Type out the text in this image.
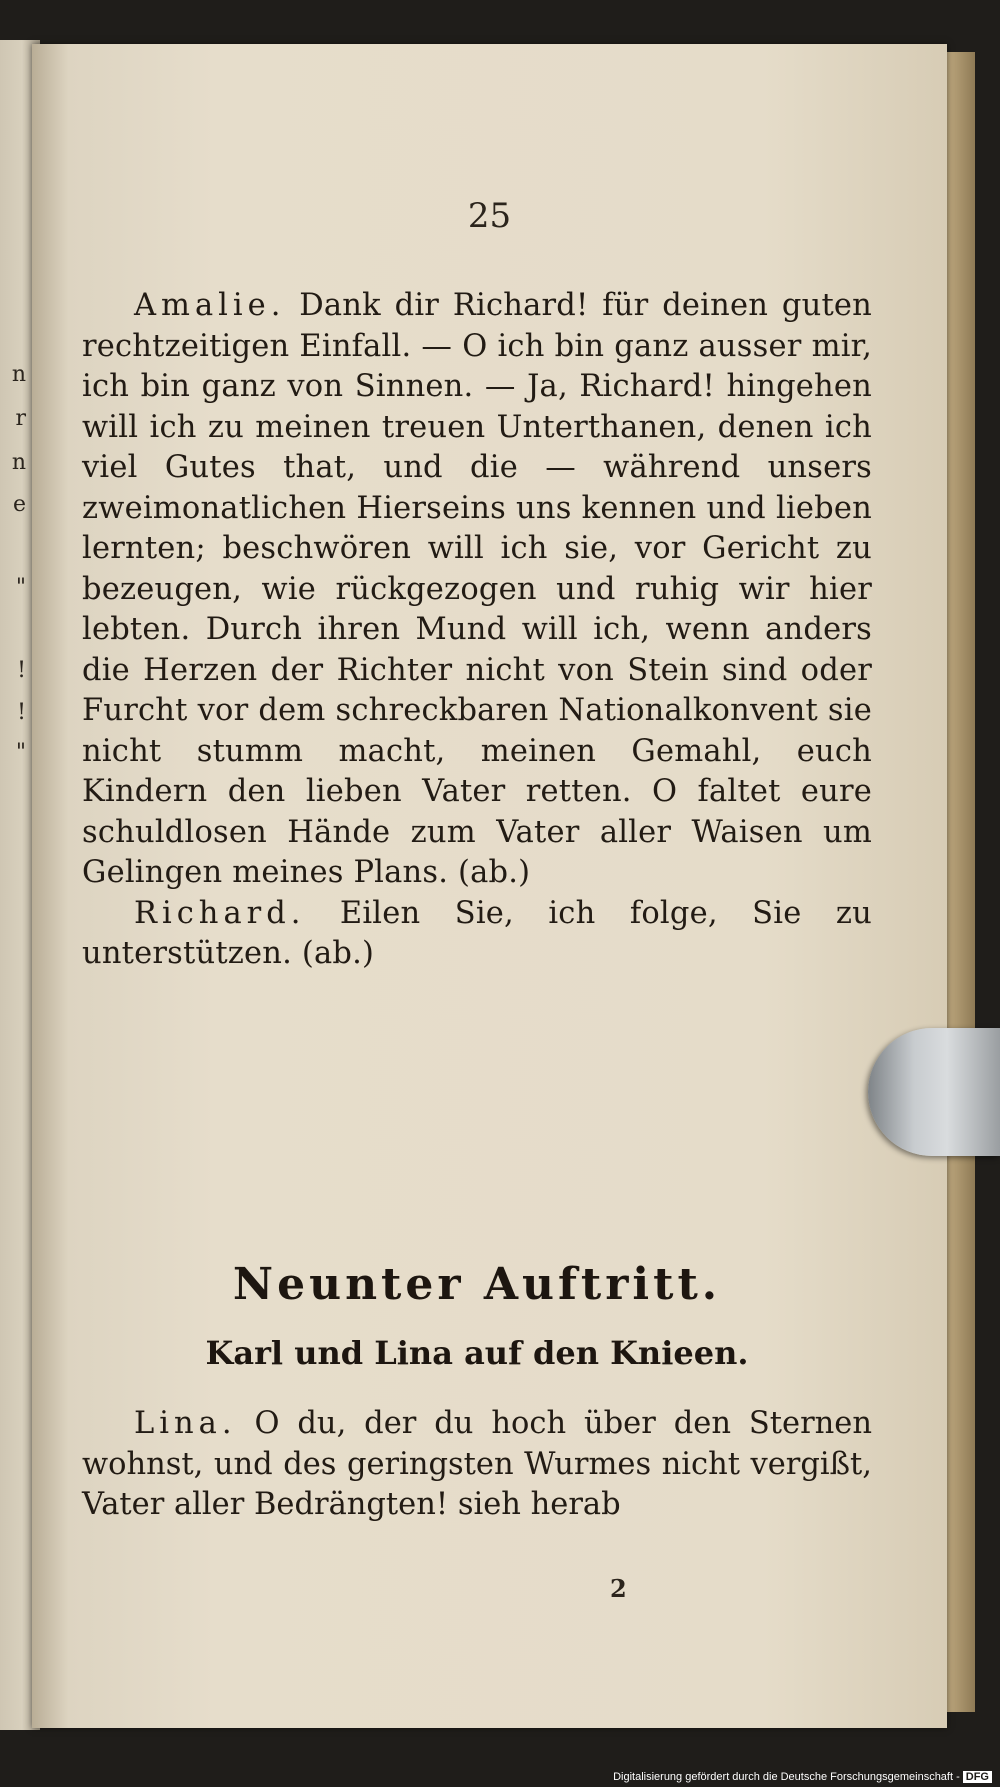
n
r
n
e
"
!
!
"
25

Amalie. Dank dir Richard! für deinen guten rechtzeitigen Einfall. — O ich bin ganz ausser mir, ich bin ganz von Sinnen. — Ja, Richard! hingehen will ich zu meinen treuen Unterthanen, denen ich viel Gutes that, und die — während unsers zweimonatlichen Hierseins uns kennen und lieben lernten; beschwören will ich sie, vor Gericht zu bezeugen, wie rückgezogen und ruhig wir hier lebten. Durch ihren Mund will ich, wenn anders die Herzen der Richter nicht von Stein sind oder Furcht vor dem schreckbaren Nationalkonvent sie nicht stumm macht, meinen Gemahl, euch Kindern den lieben Vater retten. O faltet eure schuldlosen Hände zum Vater aller Waisen um Gelingen meines Plans. (ab.)

Richard. Eilen Sie, ich folge, Sie zu unterstützen. (ab.)

Neunter Auftritt.
Karl und Lina auf den Knieen.

Lina. O du, der du hoch über den Sternen wohnst, und des geringsten Wurmes nicht vergißt, Vater aller Bedrängten! sieh herab

2
Digitalisierung gefördert durch die Deutsche Forschungsgemeinschaft - DFG
